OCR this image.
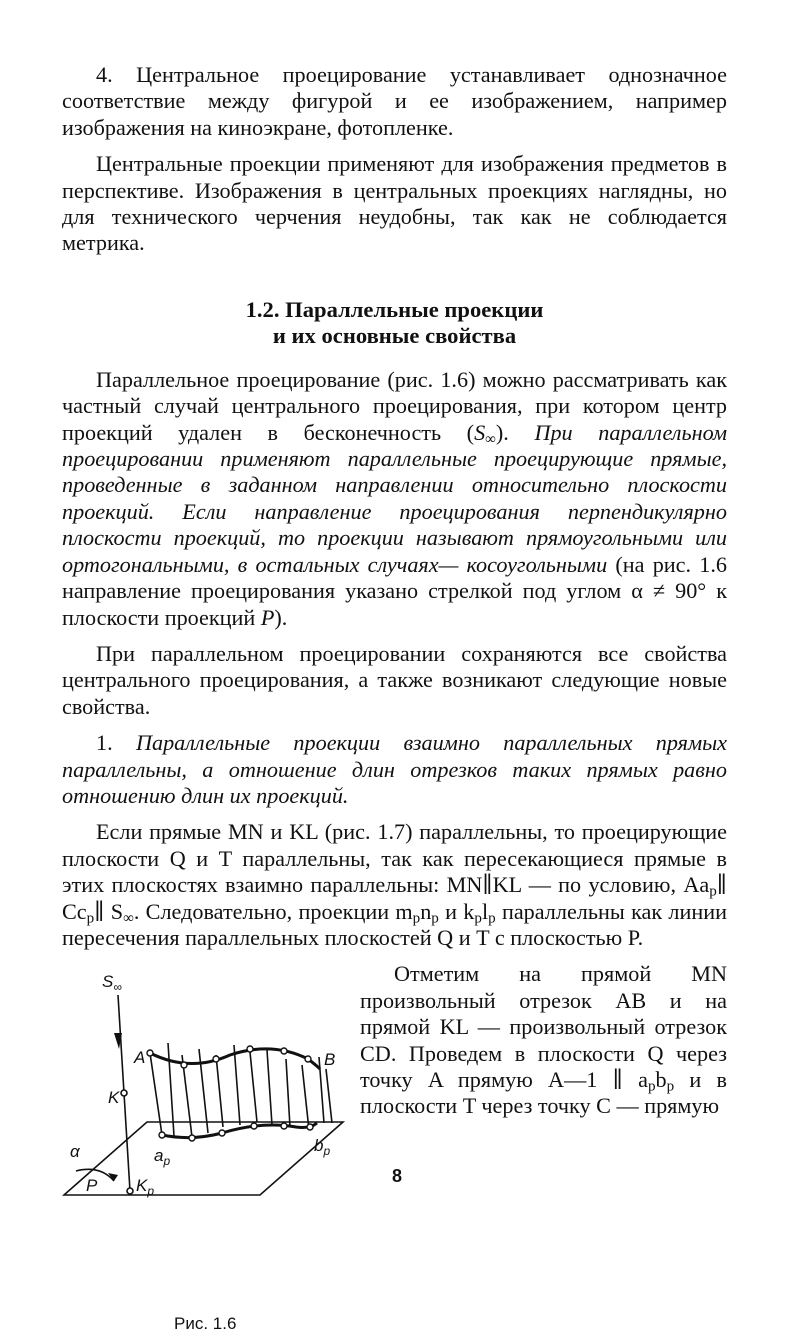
4. Центральное проецирование устанавливает однозначное соответствие между фигурой и ее изображением, например изображения на киноэкране, фотопленке.

Центральные проекции применяют для изображения предметов в перспективе. Изображения в центральных проекциях наглядны, но для технического черчения неудобны, так как не соблюдается метрика.

1.2. Параллельные проекции
и их основные свойства

Параллельное проецирование (рис. 1.6) можно рассматривать как частный случай центрального проецирования, при котором центр проекций удален в бесконечность $(S_\infty)$. При параллельном проецировании применяют параллельные проецирующие прямые, проведенные в заданном направлении относительно плоскости проекций. Если направление проецирования перпендикулярно плоскости проекций, то проекции называют прямоугольными или ортогональными, в остальных случаях— косоугольными (на рис. 1.6 направление проецирования указано стрелкой под углом α ≠ 90° к плоскости проекций P).

При параллельном проецировании сохраняются все свойства центрального проецирования, а также возникают следующие новые свойства.

1. Параллельные проекции взаимно параллельных прямых параллельны, а отношение длин отрезков таких прямых равно отношению длин их проекций.

Если прямые MN и KL (рис. 1.7) параллельны, то проецирующие плоскости Q и T параллельны, так как пересекающиеся прямые в этих плоскостях взаимно параллельны: MN∥KL — по условию, $Aa_p\parallel$ $Cc_p\parallel$ $S_\infty$. Следовательно, проекции $m_pn_p$ и $k_pl_p$ параллельны как линии пересечения параллельных плоскостей Q и T с плоскостью P.

$S_\infty$
A	B
K
α	$a_p$
$b_p$
P $K_p$
Рис. 1.6

Отметим на прямой MN произвольный отрезок AB и на прямой KL — произвольный отрезок CD. Проведем в плоскости Q через точку A прямую A—1 ∥ $a_pb_p$ и в плоскости T через точку C — прямую

8
